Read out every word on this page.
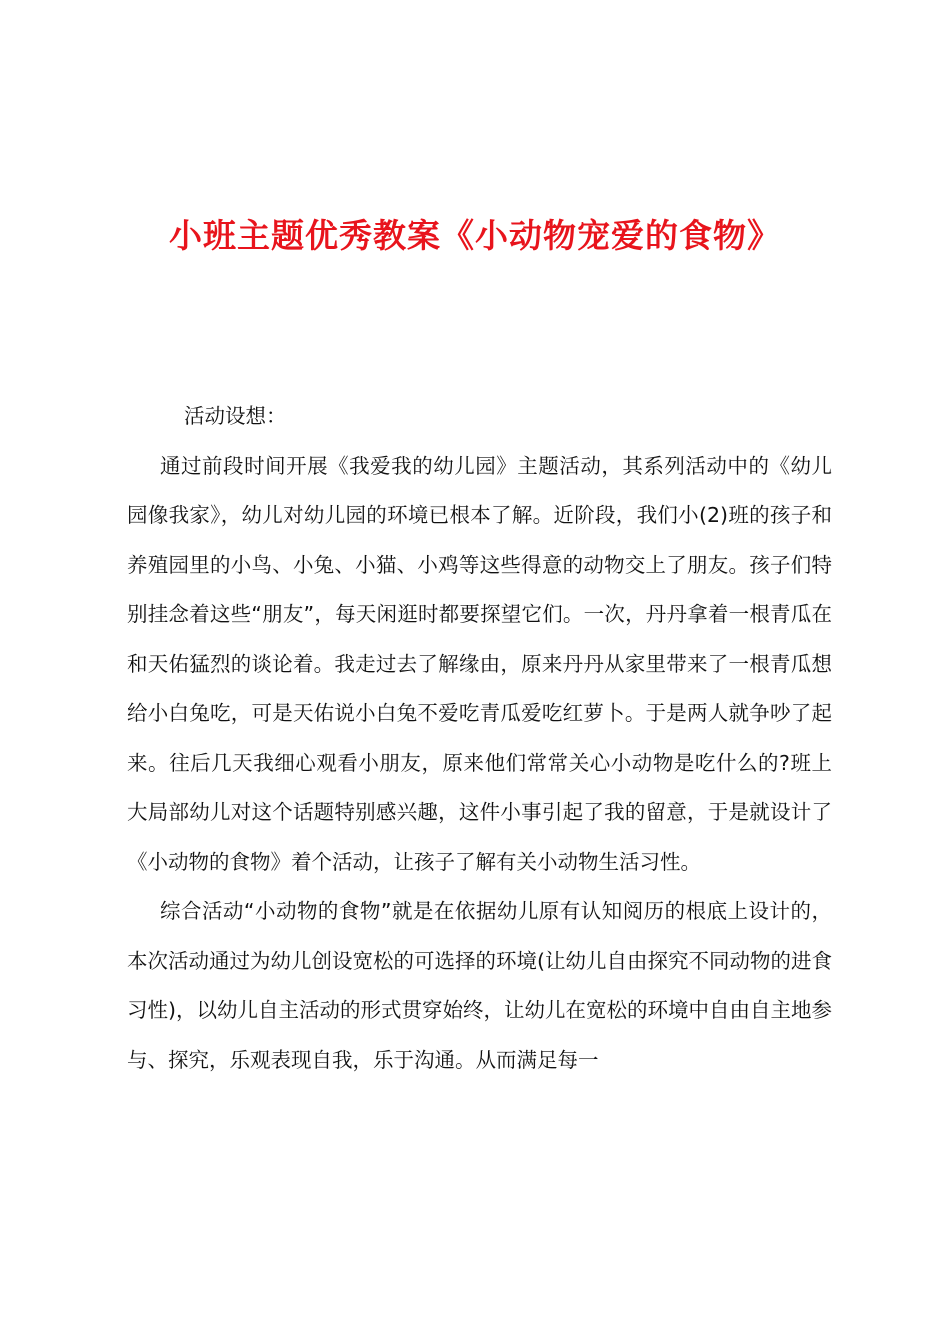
小班主题优秀教案《小动物宠爱的食物》

活动设想：

通过前段时间开展《我爱我的幼儿园》主题活动，其系列活动中的《幼儿园像我家》，幼儿对幼儿园的环境已根本了解。近阶段，我们小(2)班的孩子和养殖园里的小鸟、小兔、小猫、小鸡等这些得意的动物交上了朋友。孩子们特别挂念着这些“朋友”，每天闲逛时都要探望它们。一次，丹丹拿着一根青瓜在和天佑猛烈的谈论着。我走过去了解缘由，原来丹丹从家里带来了一根青瓜想给小白兔吃，可是天佑说小白兔不爱吃青瓜爱吃红萝卜。于是两人就争吵了起来。往后几天我细心观看小朋友，原来他们常常关心小动物是吃什么的?班上大局部幼儿对这个话题特别感兴趣，这件小事引起了我的留意，于是就设计了《小动物的食物》着个活动，让孩子了解有关小动物生活习性。

综合活动“小动物的食物”就是在依据幼儿原有认知阅历的根底上设计的，本次活动通过为幼儿创设宽松的可选择的环境(让幼儿自由探究不同动物的进食习性)，以幼儿自主活动的形式贯穿始终，让幼儿在宽松的环境中自由自主地参与、探究，乐观表现自我，乐于沟通。从而满足每一
